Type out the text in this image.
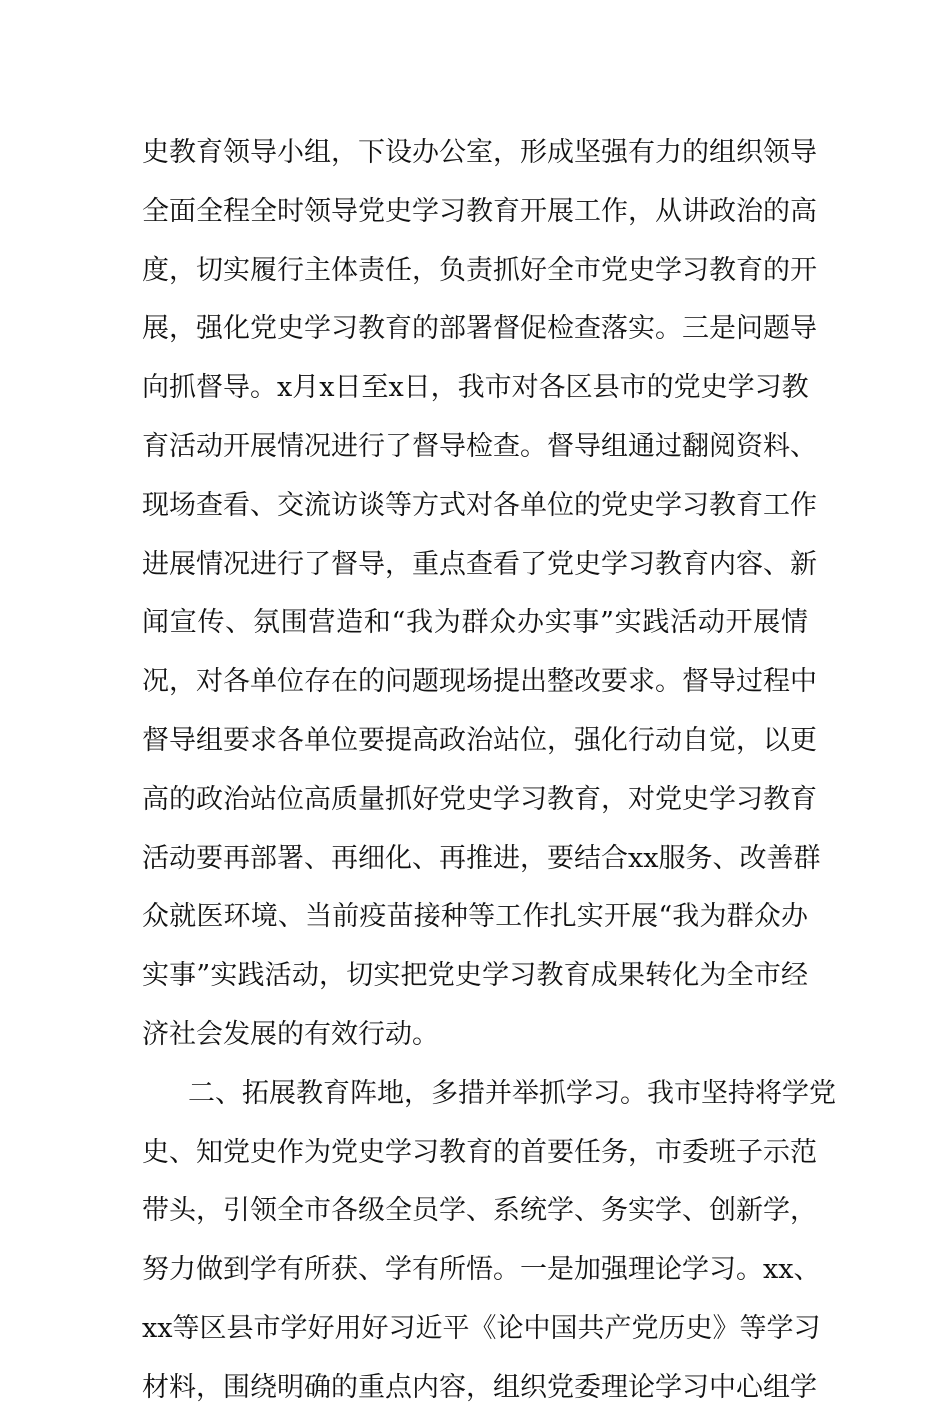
史教育领导小组，下设办公室，形成坚强有力的组织领导
全面全程全时领导党史学习教育开展工作，从讲政治的高
度，切实履行主体责任，负责抓好全市党史学习教育的开
展，强化党史学习教育的部署督促检查落实。三是问题导
向抓督导。x月x日至x日，我市对各区县市的党史学习教
育活动开展情况进行了督导检查。督导组通过翻阅资料、
现场查看、交流访谈等方式对各单位的党史学习教育工作
进展情况进行了督导，重点查看了党史学习教育内容、新
闻宣传、氛围营造和“我为群众办实事”实践活动开展情
况，对各单位存在的问题现场提出整改要求。督导过程中
督导组要求各单位要提高政治站位，强化行动自觉，以更
高的政治站位高质量抓好党史学习教育，对党史学习教育
活动要再部署、再细化、再推进，要结合xx服务、改善群
众就医环境、当前疫苗接种等工作扎实开展“我为群众办
实事”实践活动，切实把党史学习教育成果转化为全市经
济社会发展的有效行动。
二、拓展教育阵地，多措并举抓学习。我市坚持将学党
史、知党史作为党史学习教育的首要任务，市委班子示范
带头，引领全市各级全员学、系统学、务实学、创新学，
努力做到学有所获、学有所悟。一是加强理论学习。xx、
xx等区县市学好用好习近平《论中国共产党历史》等学习
材料，围绕明确的重点内容，组织党委理论学习中心组学
